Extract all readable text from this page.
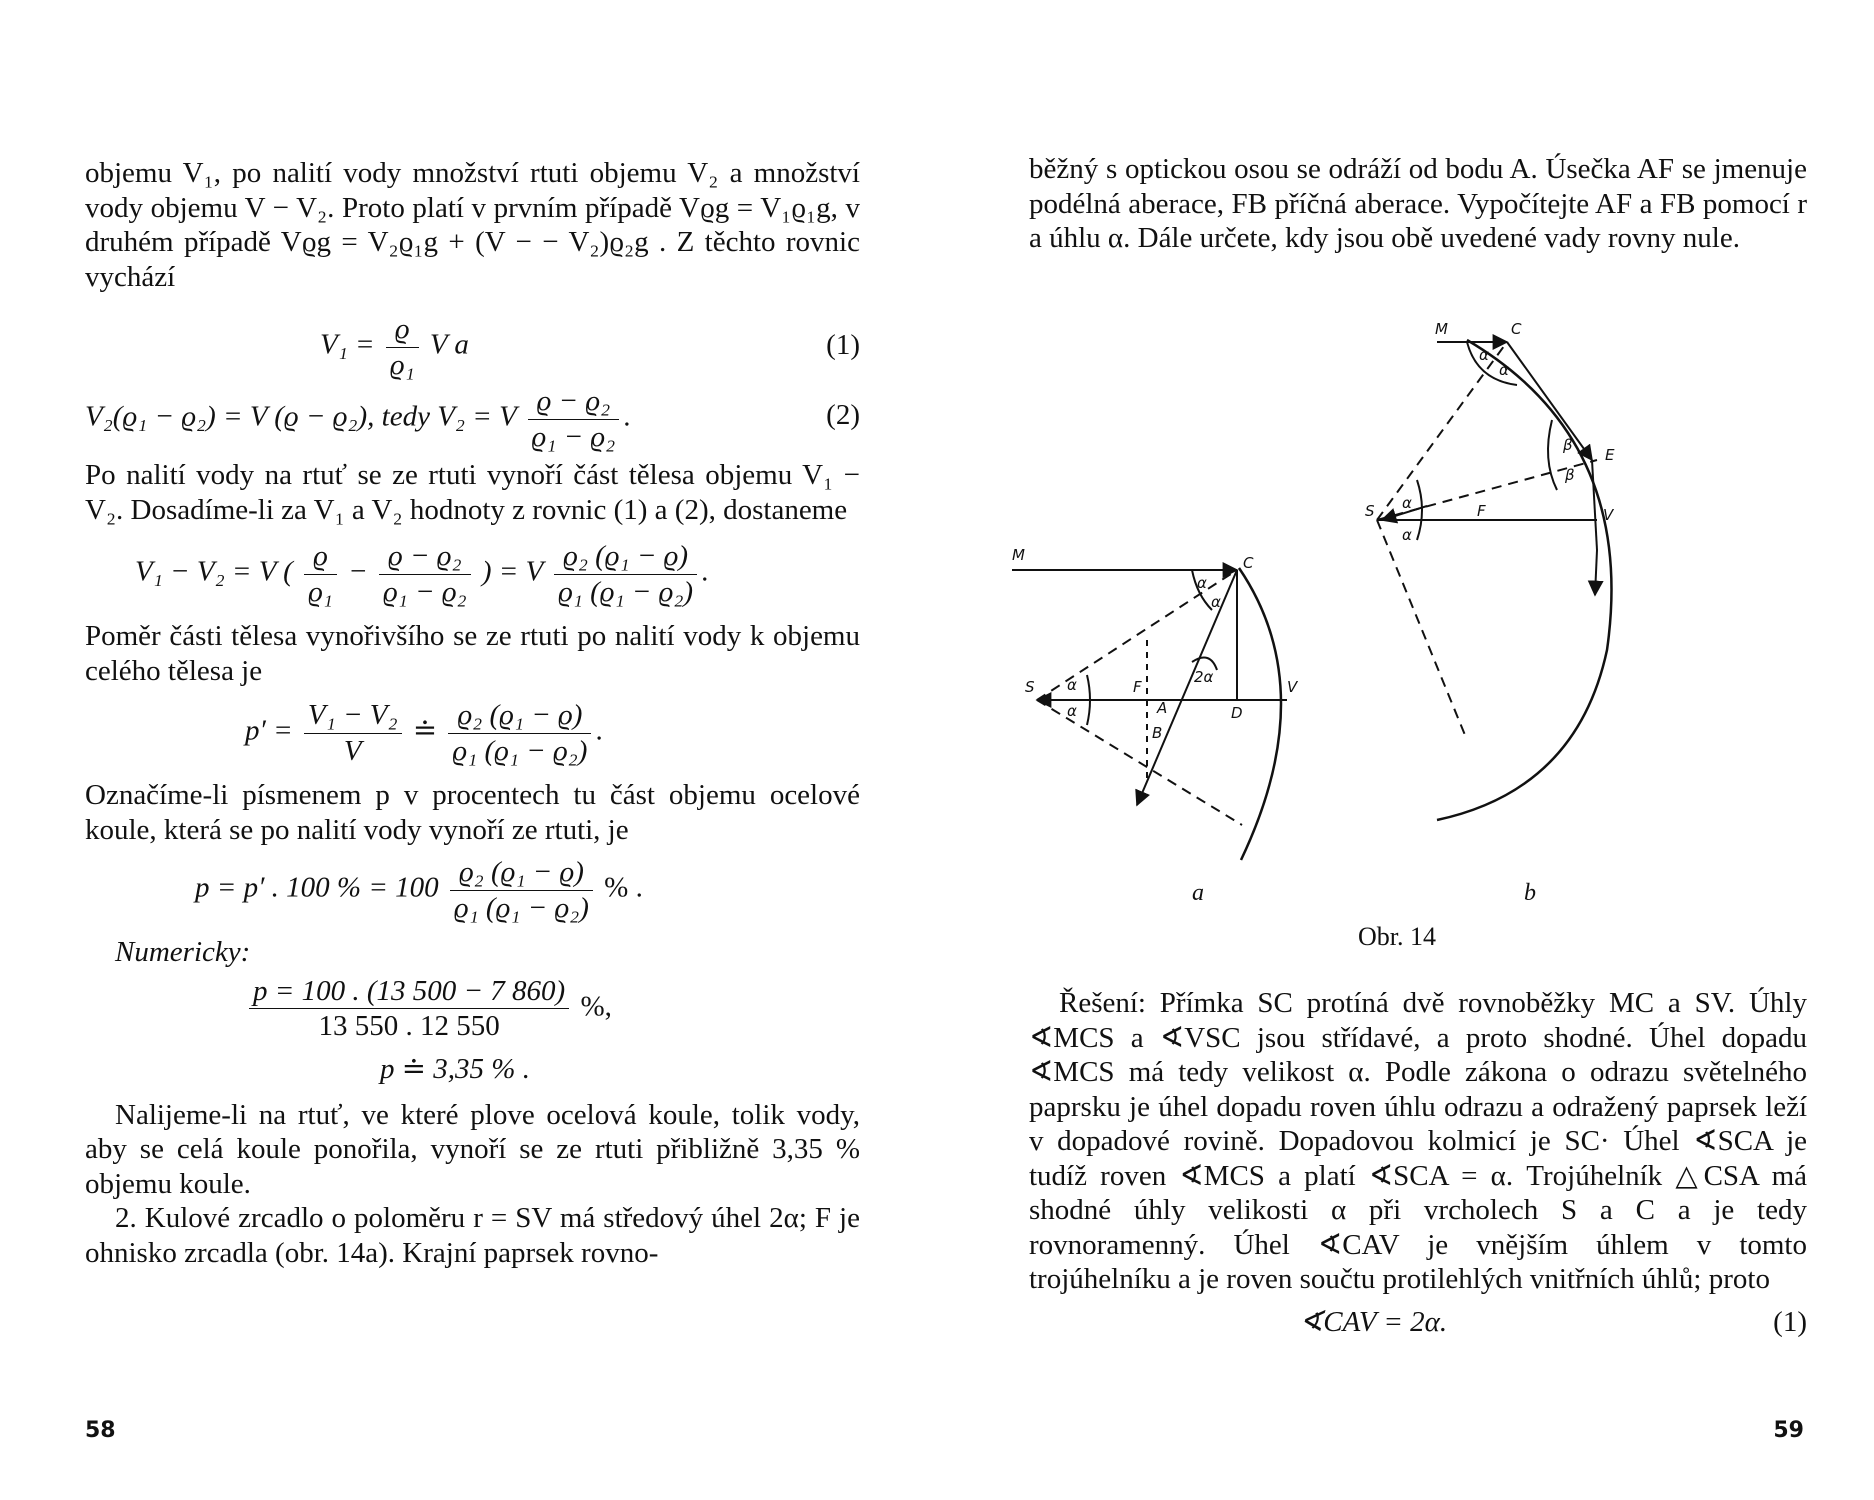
objemu V₁, po nalití vody množství rtuti objemu V₂ a množství vody objemu V − V₂. Proto platí v prvním případě Vϱg = V₁ϱ₁g, v druhém případě Vϱg = V₂ϱ₁g + (V − − V₂)ϱ₂g . Z těchto rovnic vychází

$V_1 = \frac{ϱ}{\text{ϱ₁}}$ V a	(1)
V₂(ϱ₁ − ϱ₂) = V (ϱ − ϱ₂), tedy V₂ = V $\frac{\text{ϱ − ϱ₂}}{\text{ϱ₁ − ϱ₂}}$ .	(2)

Po nalití vody na rtuť se ze rtuti vynoří část tělesa objemu V₁ − V₂. Dosadíme-li za V₁ a V₂ hodnoty z rovnic (1) a (2), dostaneme

V₁ − V₂ = V ( $\frac{ϱ}{\text{ϱ₁}} - \frac{\text{ϱ − ϱ₂}}{\text{ϱ₁ − ϱ₂}}$ ) = V $\frac{\text{ϱ₂ (ϱ₁ − ϱ)}}{\text{ϱ₁ (ϱ₁ − ϱ₂)}}$ .

Poměr části tělesa vynořivšího se ze rtuti po nalití vody k objemu celého tělesa je

$p' = \frac{\text{V₁ − V₂}}{V}$ ≐ $\frac{\text{ϱ₂ (ϱ₁ − ϱ)}}{\text{ϱ₁ (ϱ₁ − ϱ₂)}}$ .

Označíme-li písmenem p v procentech tu část objemu ocelové koule, která se po nalití vody vynoří ze rtuti, je

p = p′ . 100 % = $100 \frac{\text{ϱ₂ (ϱ₁ − ϱ)}}{\text{ϱ₁ (ϱ₁ − ϱ₂)}}$ % .

Numericky:

$\frac{p = 100 . (13 500 - 7 860)}{13 550 . 12 550}$ %,
p ≐ 3,35 % .

Nalijeme-li na rtuť, ve které plove ocelová koule, tolik vody, aby se celá koule ponořila, vynoří se ze rtuti přibližně 3,35 % objemu koule.

2. Kulové zrcadlo o poloměru r = SV má středový úhel 2α; F je ohnisko zrcadla (obr. 14a). Krajní paprsek rovno-

58

běžný s optickou osou se odráží od bodu A. Úsečka AF se jmenuje podélná aberace, FB příčná aberace. Vypočítejte AF a FB pomocí r a úhlu α. Dále určete, kdy jsou obě uvedené vady rovny nule.

M	C
S	F
A
B
D
V
α
α
α
α
2α
M	C
E
S	F	V
α
α
α
α
β
β
a	b
Obr. 14

Řešení: Přímka SC protíná dvě rovnoběžky MC a SV. Úhly ∢MCS a ∢VSC jsou střídavé, a proto shodné. Úhel dopadu ∢MCS má tedy velikost α. Podle zákona o odrazu světelného paprsku je úhel dopadu roven úhlu odrazu a odražený paprsek leží v dopadové rovině. Dopadovou kolmicí je SC· Úhel ∢SCA je tudíž roven ∢MCS a platí ∢SCA = α. Trojúhelník △CSA má shodné úhly velikosti α při vrcholech S a C a je tedy rovnoramenný. Úhel ∢CAV je vnějším úhlem v tomto trojúhelníku a je roven součtu protilehlých vnitřních úhlů; proto

∢CAV = 2α.	(1)
59
